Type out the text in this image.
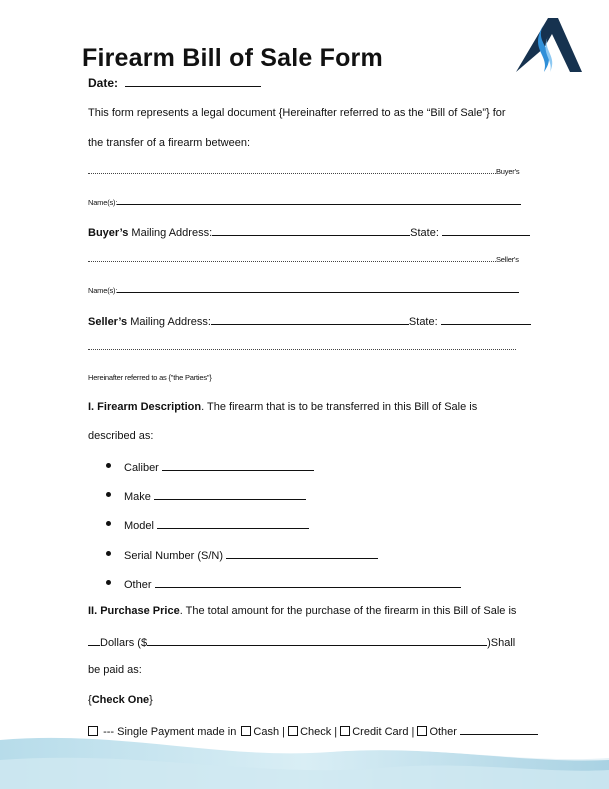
Firearm Bill of Sale Form
Date:
This form represents a legal document {Hereinafter referred to as the “Bill of Sale”} for
the transfer of a firearm between:
Buyer's
Name(s):
Buyer’s Mailing Address:	State:
Seller's
Name(s):
Seller’s Mailing Address:	State:
Hereinafter referred to as {"the Parties"}
I. Firearm Description. The firearm that is to be transferred in this Bill of Sale is
described as:
Caliber
Make
Model
Serial Number (S/N)
Other
II. Purchase Price. The total amount for the purchase of the firearm in this Bill of Sale is
Dollars ($	)Shall
be paid as:
{Check One}
--- Single Payment made in Cash | Check | Credit Card | Other
